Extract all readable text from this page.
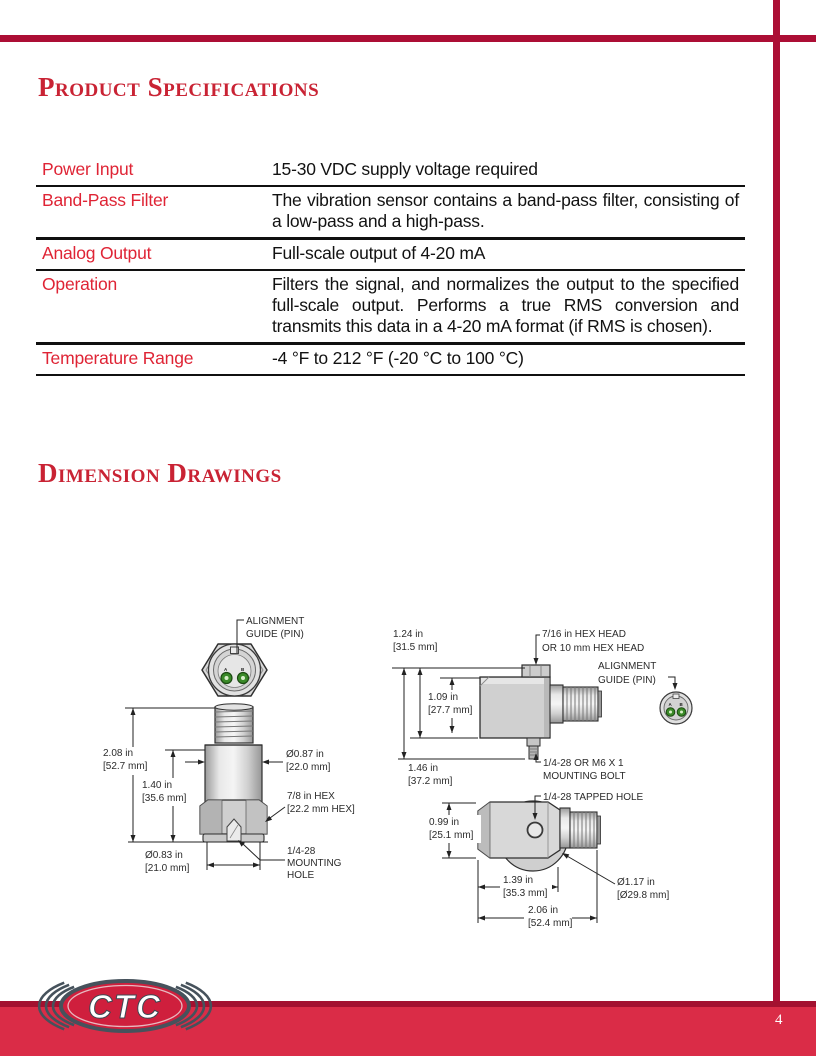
Product Specifications
Power Input	15-30 VDC supply voltage required
Band-Pass Filter	The vibration sensor contains a band-pass filter, consisting of a low-pass and a high-pass.
Analog Output	Full-scale output of 4-20 mA
Operation	Filters the signal, and normalizes the output to the specified full-scale output. Performs a true RMS conversion and transmits this data in a 4-20 mA format (if RMS is chosen).
Temperature Range	-4 °F to 212 °F (-20 °C to 100 °C)
Dimension Drawings
A	B
ALIGNMENT
GUIDE (PIN)
2.08 in
[52.7 mm]
1.40 in
[35.6 mm]
Ø0.87 in
[22.0 mm]
7/8 in HEX
[22.2 mm HEX]
Ø0.83 in
[21.0 mm]
1/4-28
MOUNTING
HOLE
A B
1.24 in
[31.5 mm]
7/16 in HEX HEAD
OR 10 mm HEX HEAD
ALIGNMENT
GUIDE (PIN)
1.09 in
[27.7 mm]
1.46 in
[37.2 mm]
1/4-28 OR M6 X 1
MOUNTING BOLT
1/4-28 TAPPED HOLE
0.99 in
[25.1 mm]
1.39 in
[35.3 mm]
2.06 in
[52.4 mm]
Ø1.17 in
[Ø29.8 mm]
CTC	4
